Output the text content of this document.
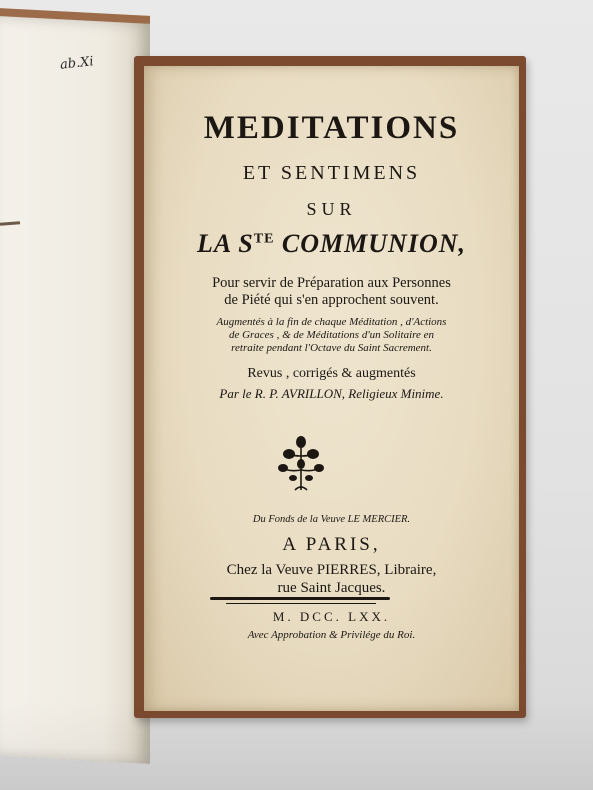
ab.Xi
MEDITATIONS
ET SENTIMENS
SUR
LA $S^{TE}$ COMMUNION,
Pour servir de Préparation aux Personnes
de Piété qui s'en approchent souvent.
Augmentés à la fin de chaque Méditation , d'Actions
de Graces , & de Méditations d'un Solitaire en
retraite pendant l'Octave du Saint Sacrement.
Revus , corrigés & augmentés
Par le R. P. AVRILLON, Religieux Minime.
Du Fonds de la Veuve LE MERCIER.
A PARIS,
Chez la Veuve PIERRES, Libraire,
rue Saint Jacques.
M. DCC. LXX.
Avec Approbation & Privilége du Roi.
